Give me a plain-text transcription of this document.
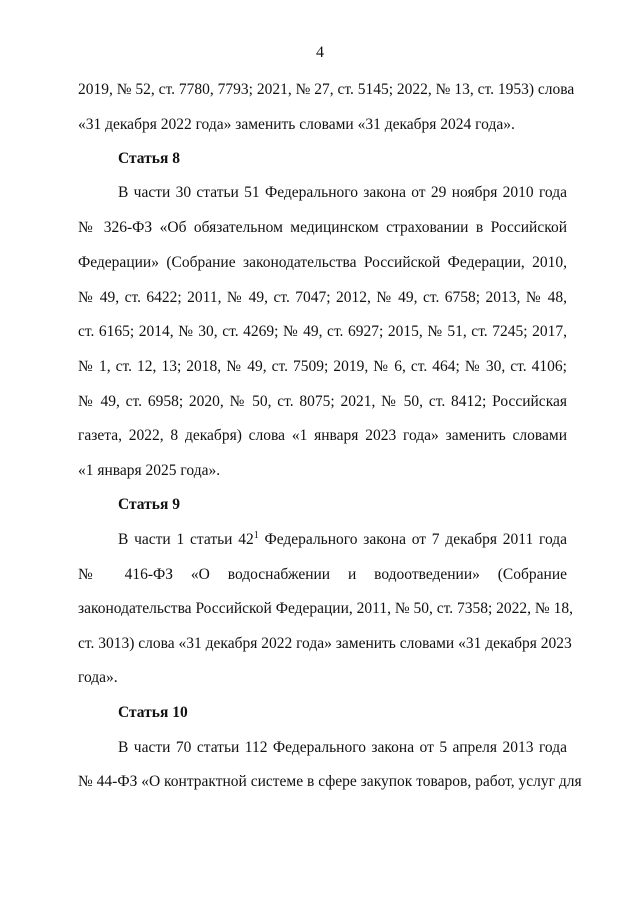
4
2019, № 52, ст. 7780, 7793; 2021, № 27, ст. 5145; 2022, № 13, ст. 1953) слова
«31 декабря 2022 года» заменить словами «31 декабря 2024 года».
Статья 8
В части 30 статьи 51 Федерального закона от 29 ноября 2010 года
№ 326-ФЗ «Об обязательном медицинском страховании в Российской
Федерации» (Собрание законодательства Российской Федерации, 2010,
№ 49, ст. 6422; 2011, № 49, ст. 7047; 2012, № 49, ст. 6758; 2013, № 48,
ст. 6165; 2014, № 30, ст. 4269; № 49, ст. 6927; 2015, № 51, ст. 7245; 2017,
№ 1, ст. 12, 13; 2018, № 49, ст. 7509; 2019, № 6, ст. 464; № 30, ст. 4106;
№ 49, ст. 6958; 2020, № 50, ст. 8075; 2021, № 50, ст. 8412; Российская
газета, 2022, 8 декабря) слова «1 января 2023 года» заменить словами
«1 января 2025 года».
Статья 9
В части 1 статьи $42^1$ Федерального закона от 7 декабря 2011 года
№ 416-ФЗ «О водоснабжении и водоотведении» (Собрание
законодательства Российской Федерации, 2011, № 50, ст. 7358; 2022, № 18,
ст. 3013) слова «31 декабря 2022 года» заменить словами «31 декабря 2023
года».
Статья 10
В части 70 статьи 112 Федерального закона от 5 апреля 2013 года
№ 44-ФЗ «О контрактной системе в сфере закупок товаров, работ, услуг для
